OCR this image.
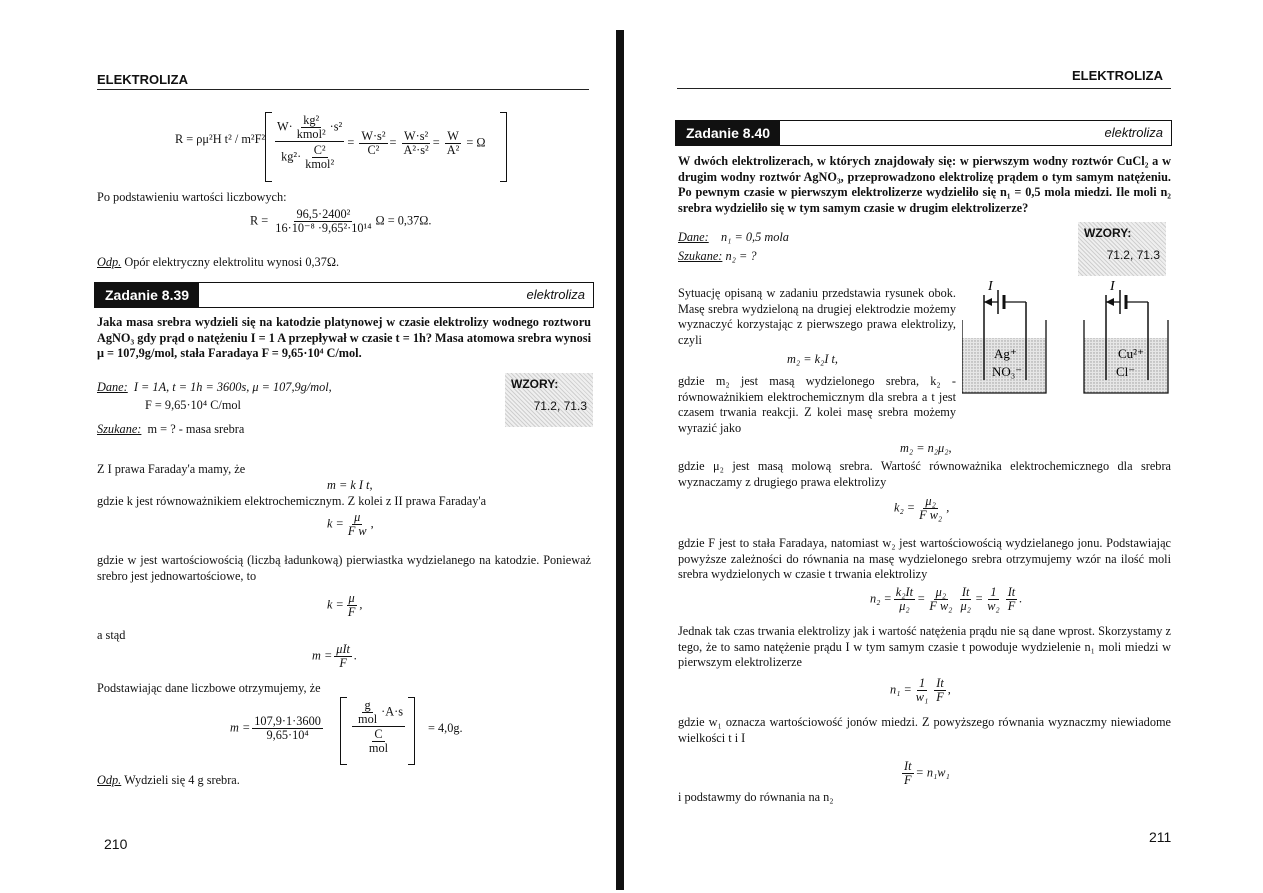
ELEKTROLIZA
R = ρμ²H t² / m²F²
$W\cdot \frac{\text{kg²}}{\text{kmol²}} \cdot s^2$
$kg^2\cdot \frac{\text{C²}}{\text{kmol²}}$
= $\frac{\text{W·s²}}{\text{C²}} = \frac{\text{W·s²}}{\text{A²·s²}} = \frac{W}{\text{A²}} = \Omega$
Po podstawieniu wartości liczbowych:
$R = \frac{\text{96,5·2400²}}{\text{16·10⁻⁸ ·9,65²·10¹⁴}}$ Ω = 0,37Ω.
Odp. Opór elektryczny elektrolitu wynosi 0,37Ω.
Zadanie 8.39	elektroliza
Jaka masa srebra wydzieli się na katodzie platynowej w czasie elektrolizy wodnego roztworu AgNO₃ gdy prąd o natężeniu I = 1 A przepływał w czasie t = 1h? Masa atomowa srebra wynosi μ = 107,9g/mol, stała Faradaya F = 9,65·10⁴ C/mol.
Dane: I = 1A, t = 1h = 3600s, μ = 107,9g/mol,
F = 9,65·10⁴ C/mol
Szukane: m = ? - masa srebra
WZORY:
71.2, 71.3
Z I prawa Faraday'a mamy, że
m = k I t,
gdzie k jest równoważnikiem elektrochemicznym. Z kolei z II prawa Faraday'a
$k = \frac{\mu}{\text{F w}}$ ,
gdzie w jest wartościowością (liczbą ładunkową) pierwiastka wydzielanego na katodzie. Ponieważ srebro jest jednowartościowe, to
$k = \frac{\mu}{F}$ ,
a stąd
$m = \frac{\text{μIt}}{F}$ .
Podstawiając dane liczbowe otrzymujemy, że
$m = \frac{107,9\cdot 1\cdot 3600}{\text{9,65·10⁴}}$
$\frac{g}{\text{mol}} \cdot A\cdot s$
$\frac{C}{\text{mol}}$	= 4,0g.
Odp. Wydzieli się 4 g srebra.
210
ELEKTROLIZA
Zadanie 8.40	elektroliza
W dwóch elektrolizerach, w których znajdowały się: w pierwszym wodny roztwór CuCl₂ a w drugim wodny roztwór AgNO₃, przeprowadzono elektrolizę prądem o tym samym natężeniu. Po pewnym czasie w pierwszym elektrolizerze wydzieliło się n₁ = 0,5 mola miedzi. Ile moli n₂ srebra wydzieliło się w tym samym czasie w drugim elektrolizerze?
Dane: n₁ = 0,5 mola
Szukane: n₂ = ?
WZORY:
71.2, 71.3
Sytuację opisaną w zadaniu przedstawia rysunek obok. Masę srebra wydzieloną na drugiej elektrodzie możemy wyznaczyć korzystając z pierwszego prawa elektrolizy, czyli
m₂ = k₂I t,
gdzie m₂ jest masą wydzielonego srebra, k₂ - równoważnikiem elektrochemicznym dla srebra a t jest czasem trwania reakcji. Z kolei masę srebra możemy wyrazić jako
I
Ag⁺
NO₃⁻
I
Cu²⁺
Cl⁻
m₂ = n₂μ₂,
gdzie μ₂ jest masą molową srebra. Wartość równoważnika elektrochemicznego dla srebra wyznaczamy z drugiego prawa elektrolizy
$k_2 = \frac{\text{μ₂}}{\text{F w₂}}$ ,
gdzie F jest to stała Faradaya, natomiast w₂ jest wartościowością wydzielanego jonu. Podstawiając powyższe zależności do równania na masę wydzielonego srebra otrzymujemy wzór na ilość moli srebra wydzielonych w czasie t trwania elektrolizy
$n_2 = \frac{\text{k₂It}}{\text{μ₂}} = \frac{\text{μ₂}}{\text{F w₂}} \frac{It}{\text{μ₂}} = \frac{1}{\text{w₂}} \frac{It}{F}$ .
Jednak tak czas trwania elektrolizy jak i wartość natężenia prądu nie są dane wprost. Skorzystamy z tego, że to samo natężenie prądu I w tym samym czasie t powoduje wydzielenie n₁ moli miedzi w pierwszym elektrolizerze
$n_1 = \frac{1}{\text{w₁}} \frac{It}{F}$ ,
gdzie w₁ oznacza wartościowość jonów miedzi. Z powyższego równania wyznaczmy niewiadome wielkości t i I
$\frac{It}{F} = n_1w_1$
i podstawmy do równania na n₂
211
